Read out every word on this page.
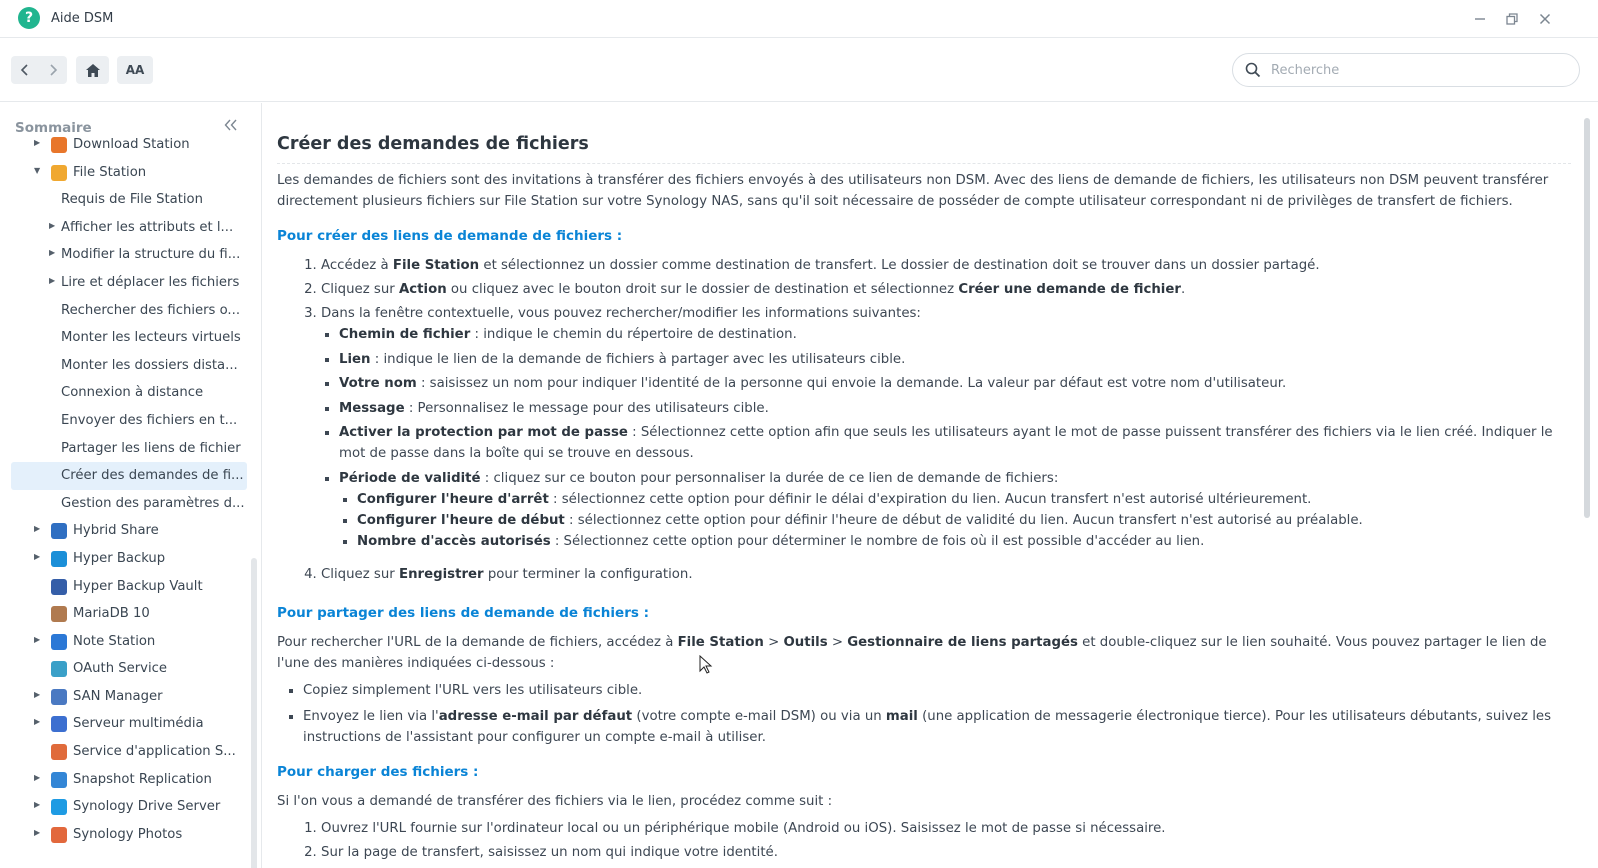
?	Aide DSM
AA
Recherche
Sommaire
▶ Download Station
▼ File Station
Requis de File Station
▶ Afficher les attributs et l...
▶ Modifier la structure du fi...
▶ Lire et déplacer les fichiers
Rechercher des fichiers o...
Monter les lecteurs virtuels
Monter les dossiers dista...
Connexion à distance
Envoyer des fichiers en t...
Partager les liens de fichier
Créer des demandes de fi...
Gestion des paramètres d...
▶ Hybrid Share
▶ Hyper Backup
Hyper Backup Vault
MariaDB 10
▶ Note Station
OAuth Service
▶ SAN Manager
▶ Serveur multimédia
Service d'application S...
▶ Snapshot Replication
▶ Synology Drive Server
▶ Synology Photos
Créer des demandes de fichiers

Les demandes de fichiers sont des invitations à transférer des fichiers envoyés à des utilisateurs non DSM. Avec des liens de demande de fichiers, les utilisateurs non DSM peuvent transférer directement plusieurs fichiers sur File Station sur votre Synology NAS, sans qu'il soit nécessaire de posséder de compte utilisateur correspondant ni de privilèges de transfert de fichiers.

Pour créer des liens de demande de fichiers :
1. Accédez à File Station et sélectionnez un dossier comme destination de transfert. Le dossier de destination doit se trouver dans un dossier partagé.
2. Cliquez sur Action ou cliquez avec le bouton droit sur le dossier de destination et sélectionnez Créer une demande de fichier.
3. Dans la fenêtre contextuelle, vous pouvez rechercher/modifier les informations suivantes:
▪ Chemin de fichier : indique le chemin du répertoire de destination.
▪ Lien : indique le lien de la demande de fichiers à partager avec les utilisateurs cible.
▪ Votre nom : saisissez un nom pour indiquer l'identité de la personne qui envoie la demande. La valeur par défaut est votre nom d'utilisateur.
▪ Message : Personnalisez le message pour des utilisateurs cible.
▪ Activer la protection par mot de passe : Sélectionnez cette option afin que seuls les utilisateurs ayant le mot de passe puissent transférer des fichiers via le lien créé. Indiquer le mot de passe dans la boîte qui se trouve en dessous.
▪ Période de validité : cliquez sur ce bouton pour personnaliser la durée de ce lien de demande de fichiers:
▪ Configurer l'heure d'arrêt : sélectionnez cette option pour définir le délai d'expiration du lien. Aucun transfert n'est autorisé ultérieurement.
▪ Configurer l'heure de début : sélectionnez cette option pour définir l'heure de début de validité du lien. Aucun transfert n'est autorisé au préalable.
▪ Nombre d'accès autorisés : Sélectionnez cette option pour déterminer le nombre de fois où il est possible d'accéder au lien.
4. Cliquez sur Enregistrer pour terminer la configuration.
Pour partager des liens de demande de fichiers :

Pour rechercher l'URL de la demande de fichiers, accédez à File Station > Outils > Gestionnaire de liens partagés et double-cliquez sur le lien souhaité. Vous pouvez partager le lien de l'une des manières indiquées ci-dessous :

▪ Copiez simplement l'URL vers les utilisateurs cible.
▪ Envoyez le lien via l'adresse e-mail par défaut (votre compte e-mail DSM) ou via un mail (une application de messagerie électronique tierce). Pour les utilisateurs débutants, suivez les instructions de l'assistant pour configurer un compte e-mail à utiliser.
Pour charger des fichiers :

Si l'on vous a demandé de transférer des fichiers via le lien, procédez comme suit :

1. Ouvrez l'URL fournie sur l'ordinateur local ou un périphérique mobile (Android ou iOS). Saisissez le mot de passe si nécessaire.
2. Sur la page de transfert, saisissez un nom qui indique votre identité.
